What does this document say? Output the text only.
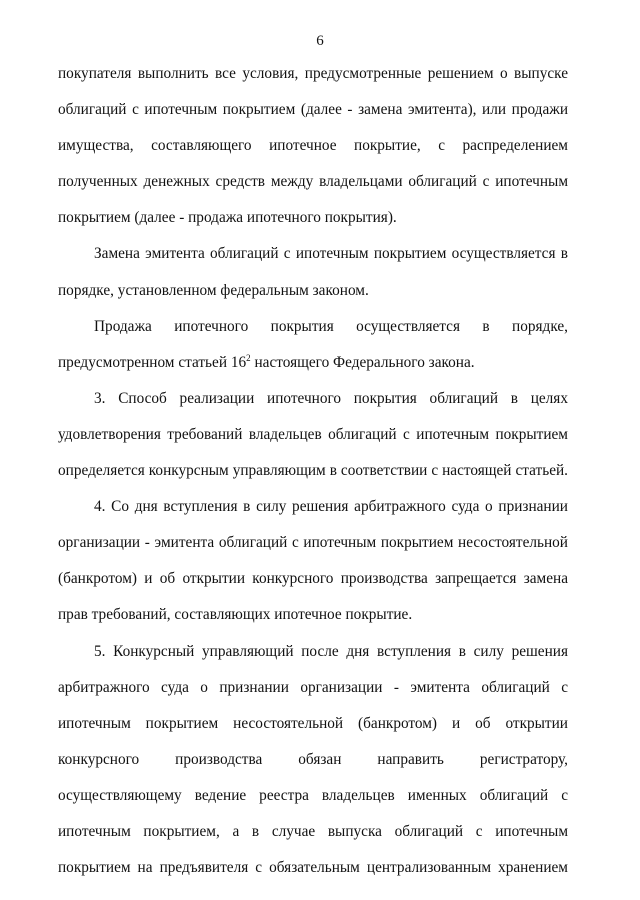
6
покупателя выполнить все условия, предусмотренные решением о выпуске
облигаций с ипотечным покрытием (далее - замена эмитента), или продажи
имущества, составляющего ипотечное покрытие, с распределением
полученных денежных средств между владельцами облигаций с ипотечным
покрытием (далее - продажа ипотечного покрытия).
Замена эмитента облигаций с ипотечным покрытием осуществляется в
порядке, установленном федеральным законом.
Продажа ипотечного покрытия осуществляется в порядке,
предусмотренном статьей $16^2$ настоящего Федерального закона.
3. Способ реализации ипотечного покрытия облигаций в целях
удовлетворения требований владельцев облигаций с ипотечным покрытием
определяется конкурсным управляющим в соответствии с настоящей статьей.
4. Со дня вступления в силу решения арбитражного суда о признании
организации - эмитента облигаций с ипотечным покрытием несостоятельной
(банкротом) и об открытии конкурсного производства запрещается замена
прав требований, составляющих ипотечное покрытие.
5. Конкурсный управляющий после дня вступления в силу решения
арбитражного суда о признании организации - эмитента облигаций с
ипотечным покрытием несостоятельной (банкротом) и об открытии
конкурсного производства обязан направить регистратору,
осуществляющему ведение реестра владельцев именных облигаций с
ипотечным покрытием, а в случае выпуска облигаций с ипотечным
покрытием на предъявителя с обязательным централизованным хранением
